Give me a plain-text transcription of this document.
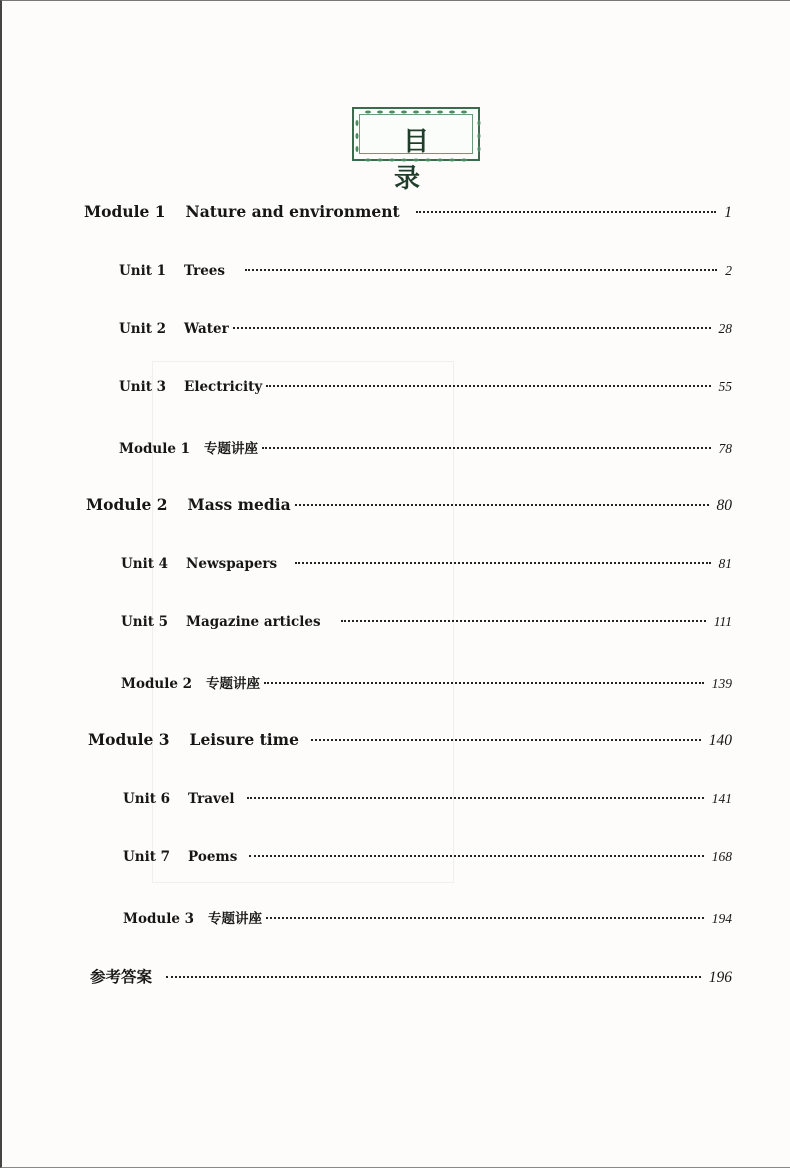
目 录
Module 1 Nature and environment	1
Unit 1 Trees	2
Unit 2 Water	28
Unit 3 Electricity	55
Module 1 专题讲座	78
Module 2 Mass media	80
Unit 4 Newspapers	81
Unit 5 Magazine articles	111
Module 2 专题讲座	139
Module 3 Leisure time	140
Unit 6 Travel	141
Unit 7 Poems	168
Module 3 专题讲座	194
参考答案	196
